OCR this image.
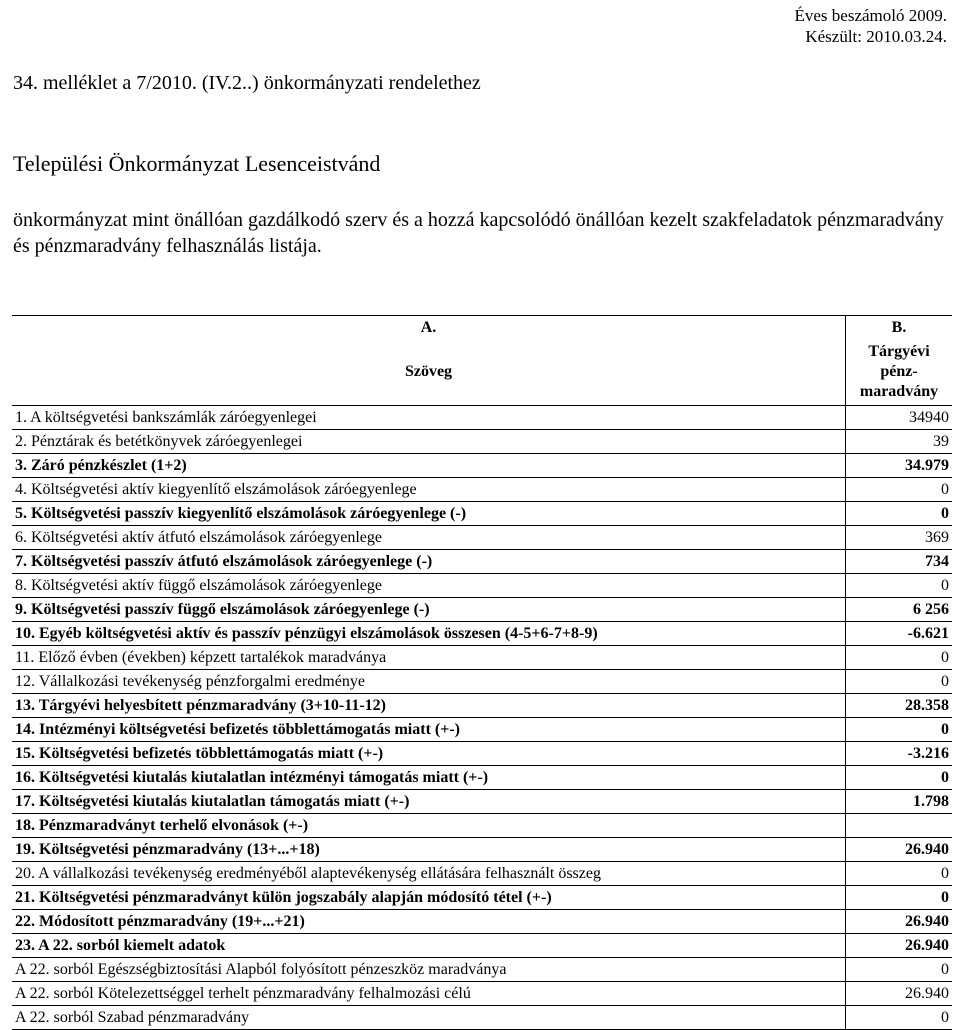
Éves beszámoló 2009.
Készült: 2010.03.24.
34. melléklet a 7/2010. (IV.2..) önkormányzati rendelethez
Települési Önkormányzat Lesenceistvánd
önkormányzat mint önállóan gazdálkodó szerv és a hozzá kapcsolódó önállóan kezelt szakfeladatok pénzmaradvány és pénzmaradvány felhasználás listája.
A.	B.
Szöveg	Tárgyévi
pénz-
maradvány

1. A költségvetési bankszámlák záróegyenlegei	34940
2. Pénztárak és betétkönyvek záróegyenlegei	39
3. Záró pénzkészlet (1+2)	34.979
4. Költségvetési aktív kiegyenlítő elszámolások záróegyenlege	0
5. Költségvetési passzív kiegyenlítő elszámolások záróegyenlege (-)	0
6. Költségvetési aktív átfutó elszámolások záróegyenlege	369
7. Költségvetési passzív átfutó elszámolások záróegyenlege (-)	734
8. Költségvetési aktív függő elszámolások záróegyenlege	0
9. Költségvetési passzív függő elszámolások záróegyenlege (-)	6 256
10. Egyéb költségvetési aktív és passzív pénzügyi elszámolások összesen (4-5+6-7+8-9)	-6.621
11. Előző évben (években) képzett tartalékok maradványa	0
12. Vállalkozási tevékenység pénzforgalmi eredménye	0
13. Tárgyévi helyesbített pénzmaradvány (3+10-11-12)	28.358
14. Intézményi költségvetési befizetés többlettámogatás miatt (+-)	0
15. Költségvetési befizetés többlettámogatás miatt (+-)	-3.216
16. Költségvetési kiutalás kiutalatlan intézményi támogatás miatt (+-)	0
17. Költségvetési kiutalás kiutalatlan támogatás miatt (+-)	1.798
18. Pénzmaradványt terhelő elvonások (+-)	
19. Költségvetési pénzmaradvány (13+...+18)	26.940
20. A vállalkozási tevékenység eredményéből alaptevékenység ellátására felhasznált összeg	0
21. Költségvetési pénzmaradványt külön jogszabály alapján módosító tétel (+-)	0
22. Módosított pénzmaradvány (19+...+21)	26.940
23. A 22. sorból kiemelt adatok	26.940
A 22. sorból Egészségbiztosítási Alapból folyósított pénzeszköz maradványa	0
A 22. sorból Kötelezettséggel terhelt pénzmaradvány felhalmozási célú	26.940
A 22. sorból Szabad pénzmaradvány	0
